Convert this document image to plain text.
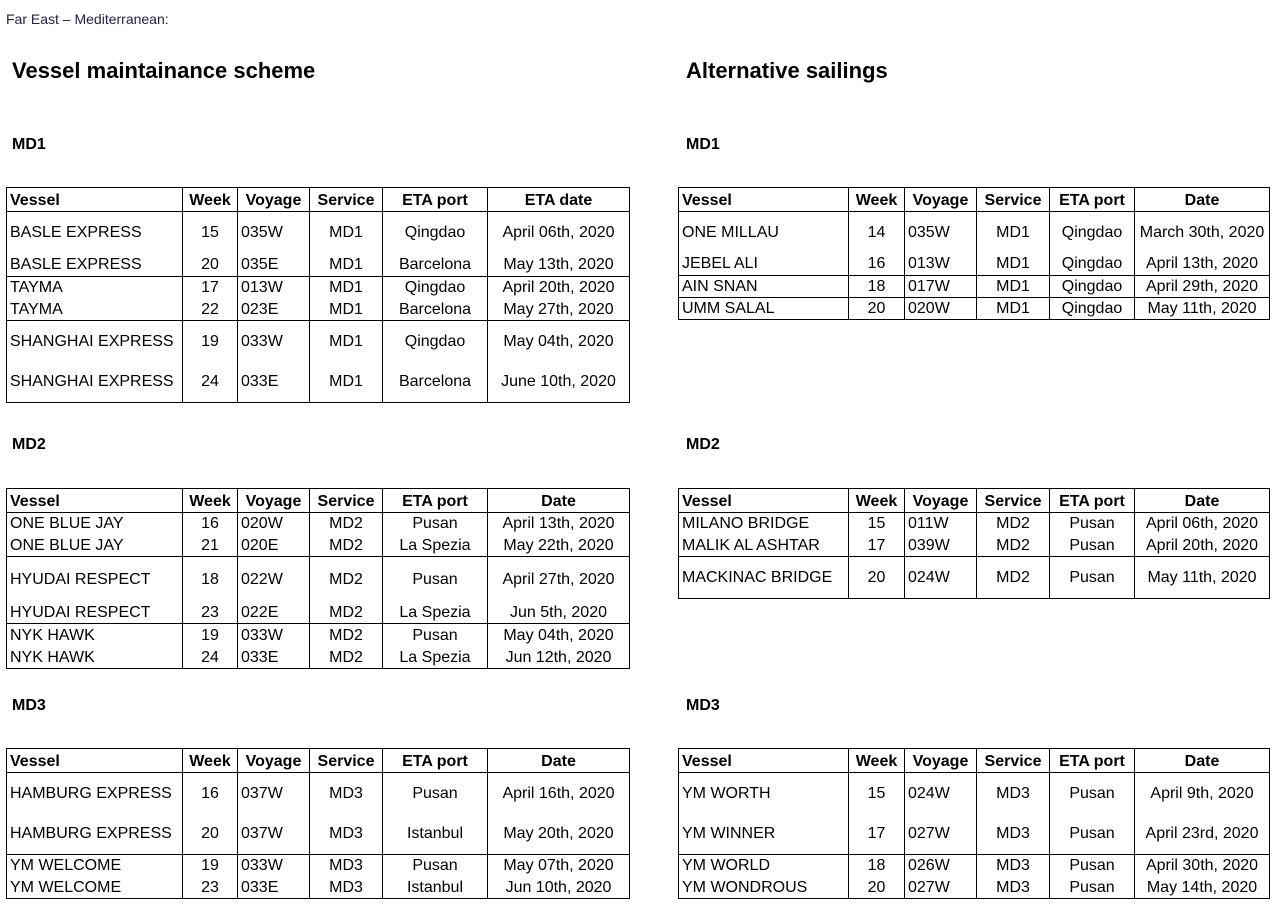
Far East – Mediterranean:
Vessel maintainance scheme	Alternative sailings
MD1	MD1
MD2	MD2
MD3	MD3
Vessel	Week	Voyage	Service	ETA port	ETA date
BASLE EXPRESS	15	035W	MD1	Qingdao	April 06th, 2020
BASLE EXPRESS	20	035E	MD1	Barcelona	May 13th, 2020
TAYMA	17	013W	MD1	Qingdao	April 20th, 2020
TAYMA	22	023E	MD1	Barcelona	May 27th, 2020
SHANGHAI EXPRESS	19	033W	MD1	Qingdao	May 04th, 2020
SHANGHAI EXPRESS	24	033E	MD1	Barcelona	June 10th, 2020
Vessel	Week	Voyage	Service	ETA port	Date
ONE MILLAU	14	035W	MD1	Qingdao	March 30th, 2020
JEBEL ALI	16	013W	MD1	Qingdao	April 13th, 2020
AIN SNAN	18	017W	MD1	Qingdao	April 29th, 2020
UMM SALAL	20	020W	MD1	Qingdao	May 11th, 2020
Vessel	Week	Voyage	Service	ETA port	Date
ONE BLUE JAY	16	020W	MD2	Pusan	April 13th, 2020
ONE BLUE JAY	21	020E	MD2	La Spezia	May 22th, 2020
HYUDAI RESPECT	18	022W	MD2	Pusan	April 27th, 2020
HYUDAI RESPECT	23	022E	MD2	La Spezia	Jun 5th, 2020
NYK HAWK	19	033W	MD2	Pusan	May 04th, 2020
NYK HAWK	24	033E	MD2	La Spezia	Jun 12th, 2020
Vessel	Week	Voyage	Service	ETA port	Date
MILANO BRIDGE	15	011W	MD2	Pusan	April 06th, 2020
MALIK AL ASHTAR	17	039W	MD2	Pusan	April 20th, 2020
MACKINAC BRIDGE	20	024W	MD2	Pusan	May 11th, 2020
Vessel	Week	Voyage	Service	ETA port	Date
HAMBURG EXPRESS	16	037W	MD3	Pusan	April 16th, 2020
HAMBURG EXPRESS	20	037W	MD3	Istanbul	May 20th, 2020
YM WELCOME	19	033W	MD3	Pusan	May 07th, 2020
YM WELCOME	23	033E	MD3	Istanbul	Jun 10th, 2020
Vessel	Week	Voyage	Service	ETA port	Date
YM WORTH	15	024W	MD3	Pusan	April 9th, 2020
YM WINNER	17	027W	MD3	Pusan	April 23rd, 2020
YM WORLD	18	026W	MD3	Pusan	April 30th, 2020
YM WONDROUS	20	027W	MD3	Pusan	May 14th, 2020
